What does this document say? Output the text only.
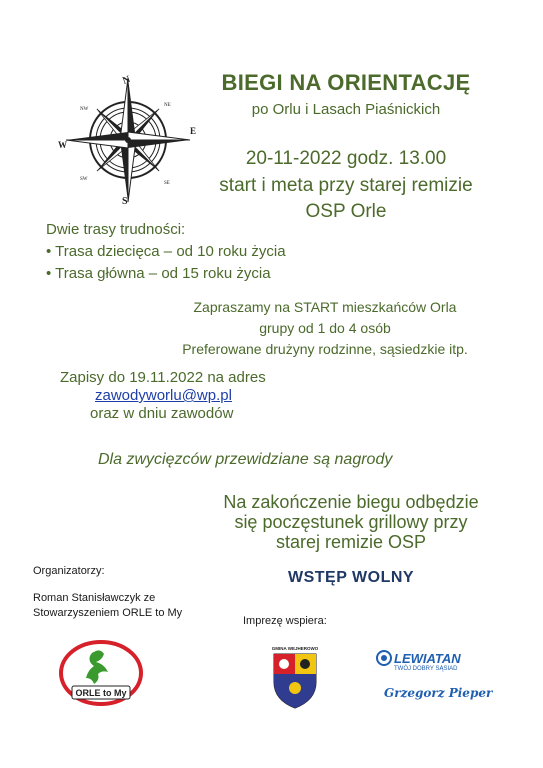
N
S
E
W
NW
NE
SW
SE
BIEGI NA ORIENTACJĘ
po Orlu i Lasach Piaśnickich
20-11-2022 godz. 13.00
start i meta przy starej remizie
OSP Orle
Dwie trasy trudności:
• Trasa dziecięca – od 10 roku życia
• Trasa główna – od 15 roku życia
Zapraszamy na START mieszkańców Orla
grupy od 1 do 4 osób
Preferowane drużyny rodzinne, sąsiedzkie itp.
Zapisy do 19.11.2022 na adres
zawodyworlu@wp.pl
oraz w dniu zawodów
Dla zwycięzców przewidziane są nagrody
Na zakończenie biegu odbędzie
się poczęstunek grillowy przy
starej remizie OSP
Organizatorzy:
Roman Stanisławczyk ze
Stowarzyszeniem ORLE to My
WSTĘP WOLNY
Imprezę wspiera:
ORLE to My
GMINA WEJHEROWO
LEWIATAN
TWÓJ DOBRY SĄSIAD
Grzegorz Pieper
